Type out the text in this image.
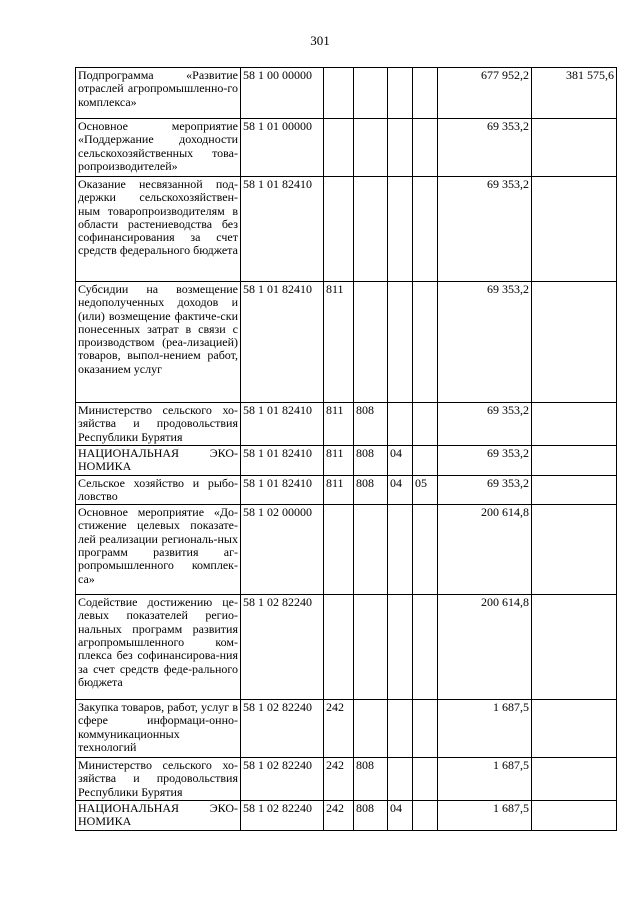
301
Подпрограмма «Развитие отраслей агропромышленно-го комплекса»	58 1 00 00000					677 952,2	381 575,6
Основное мероприятие «Поддержание доходности сельскохозяйственных това-ропроизводителей»	58 1 01 00000					69 353,2	
Оказание несвязанной под-держки сельскохозяйствен-ным товаропроизводителям в области растениеводства без софинансирования за счет средств федерального бюджета	58 1 01 82410					69 353,2	
Субсидии на возмещение недополученных доходов и (или) возмещение фактиче-ски понесенных затрат в связи с производством (реа-лизацией) товаров, выпол-нением работ, оказанием услуг	58 1 01 82410	811				69 353,2	
Министерство сельского хо-зяйства и продовольствия Республики Бурятия	58 1 01 82410	811	808			69 353,2	
НАЦИОНАЛЬНАЯ ЭКО-НОМИКА	58 1 01 82410	811	808	04		69 353,2	
Сельское хозяйство и рыбо-ловство	58 1 01 82410	811	808	04	05	69 353,2	
Основное мероприятие «До-стижение целевых показате-лей реализации региональ-ных программ развития аг-ропромышленного комплек-са»	58 1 02 00000					200 614,8	
Содействие достижению це-левых показателей регио-нальных программ развития агропромышленного ком-плекса без софинансирова-ния за счет средств феде-рального бюджета	58 1 02 82240					200 614,8	
Закупка товаров, работ, услуг в сфере информаци-онно-коммуникационных технологий	58 1 02 82240	242				1 687,5	
Министерство сельского хо-зяйства и продовольствия Республики Бурятия	58 1 02 82240	242	808			1 687,5	
НАЦИОНАЛЬНАЯ ЭКО-НОМИКА	58 1 02 82240	242	808	04		1 687,5	
